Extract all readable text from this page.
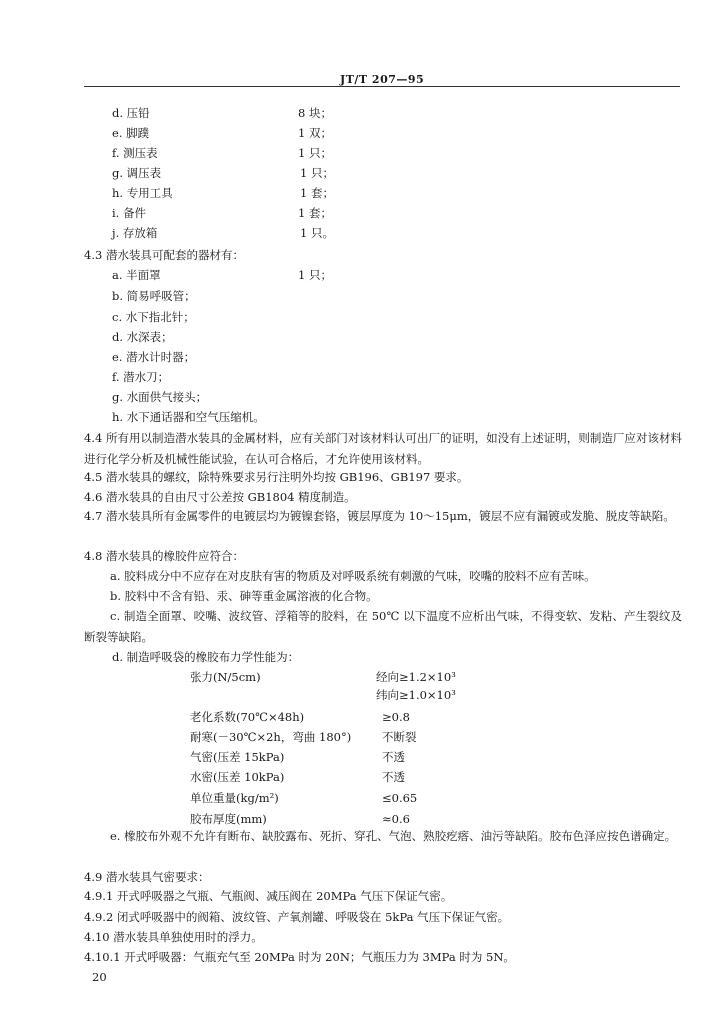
JT/T 207—95
d. 压铅	8 块；
e. 脚蹼	1 双；
f. 测压表	1 只；
g. 调压表	1 只；
h. 专用工具	1 套；
i. 备件	1 套；
j. 存放箱	1 只。
4.3 潜水装具可配套的器材有：
a. 半面罩	1 只；
b. 简易呼吸管；
c. 水下指北针；
d. 水深表；
e. 潜水计时器；
f. 潜水刀；
g. 水面供气接头；
h. 水下通话器和空气压缩机。
4.4 所有用以制造潜水装具的金属材料，应有关部门对该材料认可出厂的证明，如没有上述证明，则制造厂应对该材料进行化学分析及机械性能试验，在认可合格后，才允许使用该材料。
4.5 潜水装具的螺纹，除特殊要求另行注明外均按 GB196、GB197 要求。
4.6 潜水装具的自由尺寸公差按 GB1804 精度制造。
4.7 潜水装具所有金属零件的电镀层均为镀镍套铬，镀层厚度为 10～15μm，镀层不应有漏镀或发脆、脱皮等缺陷。
4.8 潜水装具的橡胶件应符合：
a. 胶料成分中不应存在对皮肤有害的物质及对呼吸系统有刺激的气味，咬嘴的胶料不应有苦味。
b. 胶料中不含有铅、汞、砷等重金属溶液的化合物。
c. 制造全面罩、咬嘴、波纹管、浮箱等的胶料，在 50℃ 以下温度不应析出气味，不得变软、发粘、产生裂纹及断裂等缺陷。
d. 制造呼吸袋的橡胶布力学性能为：
张力(N/5cm)	经向≥1.2×10³
纬向≥1.0×10³
老化系数(70℃×48h)	≥0.8
耐寒(－30℃×2h，弯曲 180°)	不断裂
气密(压差 15kPa)	不透
水密(压差 10kPa)	不透
单位重量(kg/m²)	≤0.65
胶布厚度(mm)	≈0.6
e. 橡胶布外观不允许有断布、缺胶露布、死折、穿孔、气泡、熟胶疙瘩、油污等缺陷。胶布色泽应按色谱确定。
4.9 潜水装具气密要求：
4.9.1 开式呼吸器之气瓶、气瓶阀、减压阀在 20MPa 气压下保证气密。
4.9.2 闭式呼吸器中的阀箱、波纹管、产氧剂罐、呼吸袋在 5kPa 气压下保证气密。
4.10 潜水装具单独使用时的浮力。
4.10.1 开式呼吸器：气瓶充气至 20MPa 时为 20N；气瓶压力为 3MPa 时为 5N。
20
